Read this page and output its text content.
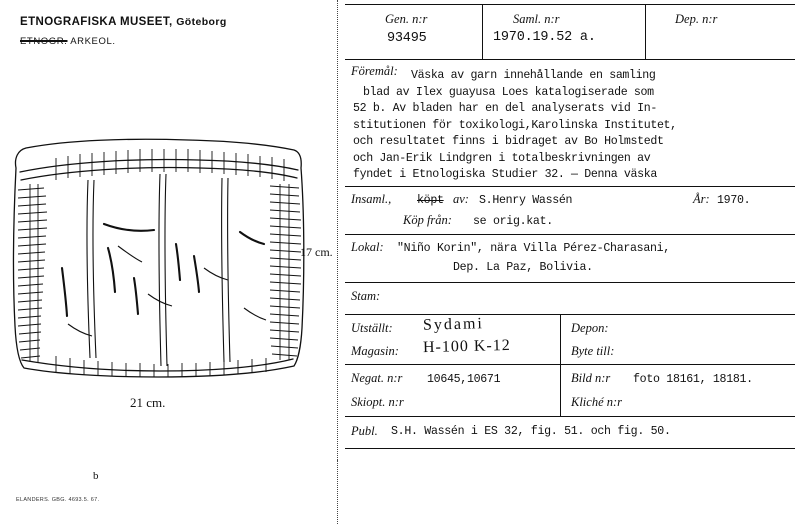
ETNOGRAFISKA MUSEET, Göteborg
ETNOGR. ARKEOL.
17 cm.
21 cm.
b
ELANDERS. GBG. 4693.5. 67.
Gen. n:r
93495
Saml. n:r
1970.19.52 a.
Dep. n:r
Föremål:	Väska av garn innehållande en samling
blad av Ilex guayusa Loes katalogiserade som
52 b. Av bladen har en del analyserats vid In-
stitutionen för toxikologi,Karolinska Institutet,
och resultatet finns i bidraget av Bo Holmstedt
och Jan-Erik Lindgren i totalbeskrivningen av
fyndet i Etnologiska Studier 32. — Denna väska
Insaml., köpt av: S.Henry Wassén	År: 1970.
Köp från: se orig.kat.
Lokal: "Niño Korin", nära Villa Pérez-Charasani,
Dep. La Paz, Bolivia.
Stam:
Utställt: Sydami	Depon:
Magasin: H-100 K-12	Byte till:
Negat. n:r 10645,10671	Bild n:r foto 18161, 18181.
Skiopt. n:r	Kliché n:r
Publ. S.H. Wassén i ES 32, fig. 51. och fig. 50.
